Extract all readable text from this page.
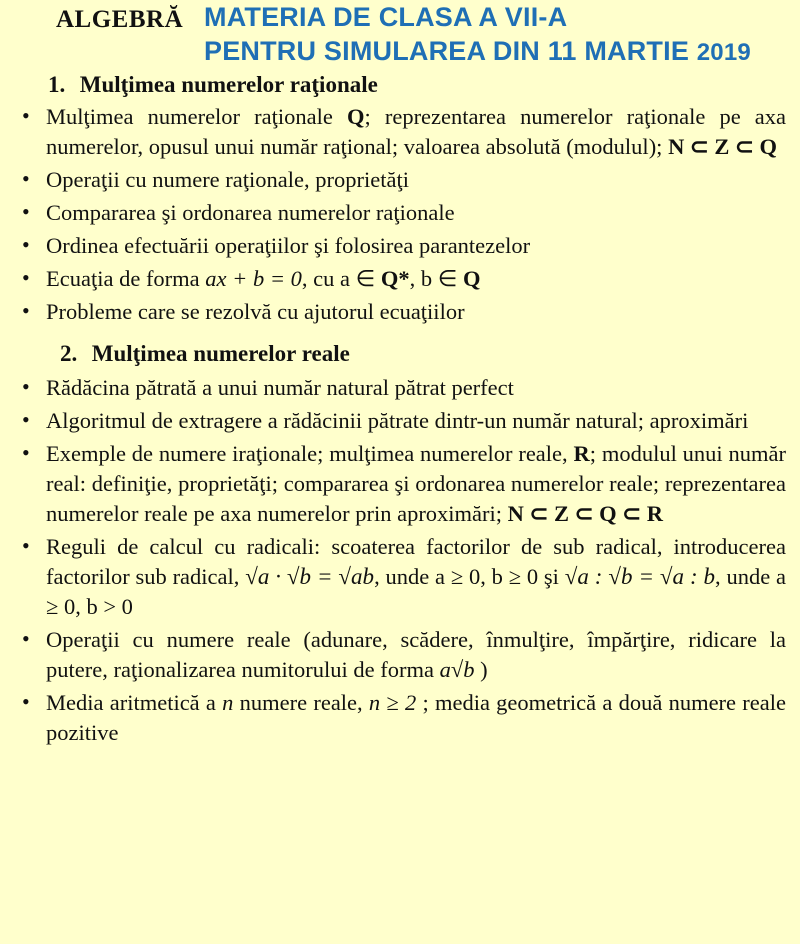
ALGEBRĂ MATERIA DE CLASA A VII-A
PENTRU SIMULAREA DIN 11 MARTIE 2019
1. Mulţimea numerelor raţionale
• Mulţimea numerelor raţionale Q; reprezentarea numerelor raţionale pe axa numerelor, opusul unui număr raţional; valoarea absolută (modulul); N ⊂ Z ⊂ Q
• Operaţii cu numere raţionale, proprietăţi
• Compararea şi ordonarea numerelor raţionale
• Ordinea efectuării operaţiilor şi folosirea parantezelor
• Ecuaţia de forma ax + b = 0, cu a ∈ Q*, b ∈ Q
• Probleme care se rezolvă cu ajutorul ecuaţiilor
2. Mulţimea numerelor reale
• Rădăcina pătrată a unui număr natural pătrat perfect
• Algoritmul de extragere a rădăcinii pătrate dintr-un număr natural; aproximări
• Exemple de numere iraţionale; mulţimea numerelor reale, R; modulul unui număr real: definiţie, proprietăţi; compararea şi ordonarea numerelor reale; reprezentarea numerelor reale pe axa numerelor prin aproximări; N ⊂ Z ⊂ Q ⊂ R
• Reguli de calcul cu radicali: scoaterea factorilor de sub radical, introducerea factorilor sub radical, √a · √b = √ab, unde a ≥ 0, b ≥ 0 şi √a : √b = √a : b, unde a ≥ 0, b > 0
• Operaţii cu numere reale (adunare, scădere, înmulţire, împărţire, ridicare la putere, raţionalizarea numitorului de forma a√b )
• Media aritmetică a n numere reale, n ≥ 2 ; media geometrică a două numere reale pozitive
